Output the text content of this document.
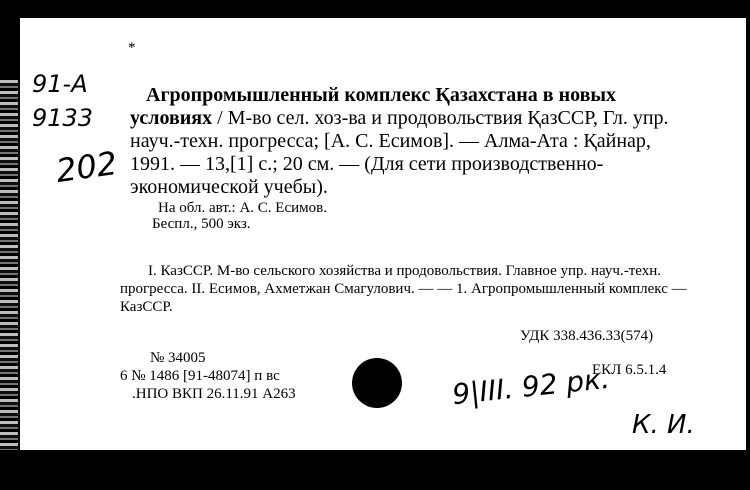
*
91-А
9133
202
Агропромышленный комплекс Қазахстана в новых условиях / М-во сел. хоз-ва и продовольствия ҚазССР, Гл. упр. науч.-техн. прогресса; [А. С. Есимов]. — Алма-Ата : Қайнар, 1991. — 13,[1] с.; 20 см. — (Для сети производственно-экономической учебы).
На обл. авт.: А. С. Есимов.
Беспл., 500 экз.
I. КазССР. М-во сельского хозяйства и продовольствия. Главное упр. науч.-техн. прогресса. II. Есимов, Ахметжан Смагулович. — — 1. Агропромышленный комплекс — КазССР.
УДК 338.436.33(574)
№ 34005
6 № 1486 [91-48074] п вс
.НПО ВКП 26.11.91 А263	9|III. 92 рк.
ЕКЛ 6.5.1.4
К. И.
